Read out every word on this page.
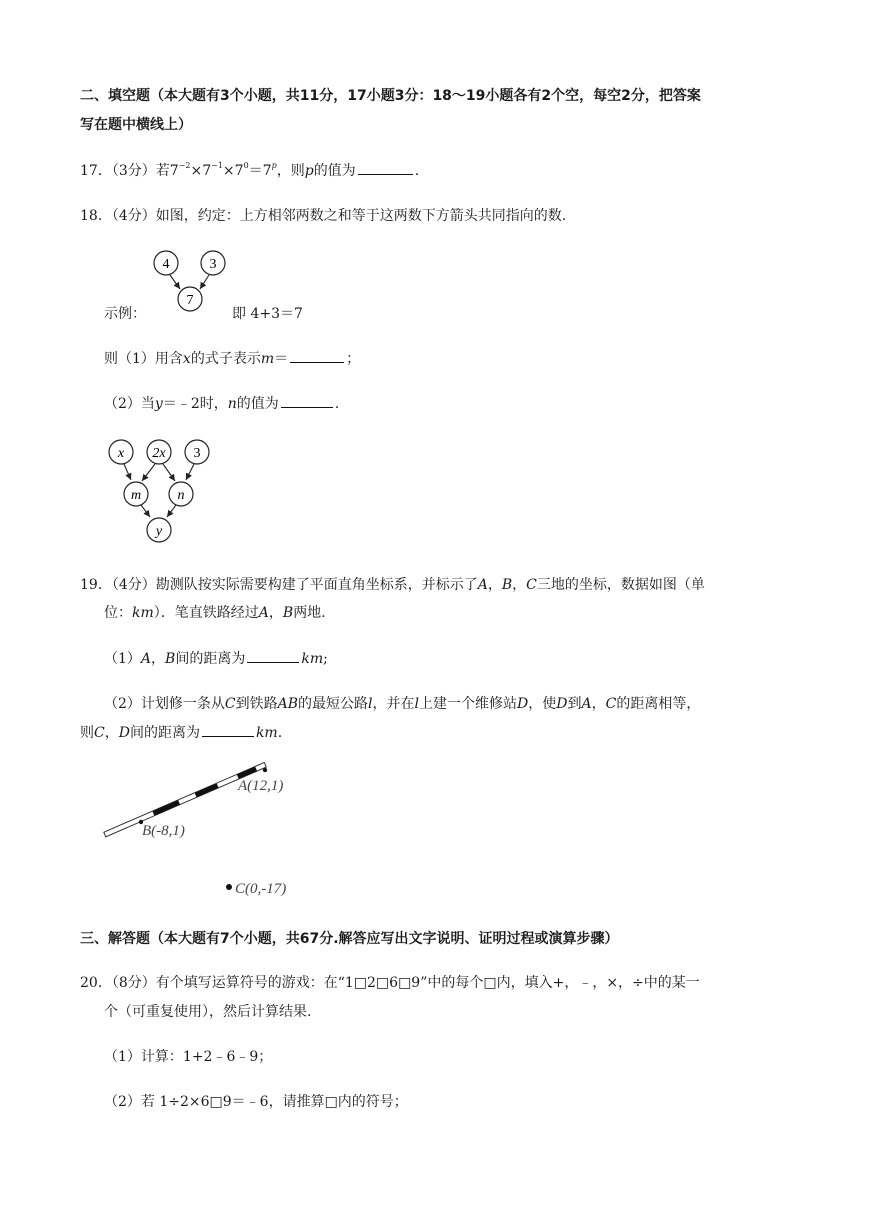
二、填空题（本大题有3个小题，共11分，17小题3分：18～19小题各有2个空，每空2分，把答案
写在题中横线上）
17．（3分）若$7^{-2}\times 7^{-1}\times 7^0=7^p$，则p的值为	.
18．（4分）如图，约定：上方相邻两数之和等于这两数下方箭头共同指向的数.
示例：
4	3
7
即 4+3＝7
则（1）用含x的式子表示m＝	；
（2）当y＝﹣2时，n的值为	.
x 2x 3
m	n
y
19．（4分）勘测队按实际需要构建了平面直角坐标系，并标示了A，B，C三地的坐标，数据如图（单
位：km）．笔直铁路经过A，B两地.
（1）A，B间的距离为	km;
（2）计划修一条从C到铁路AB的最短公路l，并在l上建一个维修站D，使D到A，C的距离相等，
则C，D间的距离为	km.
A(12,1)
B(-8,1)
C(0,-17)
三、解答题（本大题有7个小题，共67分.解答应写出文字说明、证明过程或演算步骤）
20．（8分）有个填写运算符号的游戏：在“1□2□6□9”中的每个□内，填入+，﹣，×，÷中的某一
个（可重复使用），然后计算结果.
（1）计算：1+2﹣6﹣9；
（2）若 1÷2×6□9＝﹣6，请推算□内的符号；
